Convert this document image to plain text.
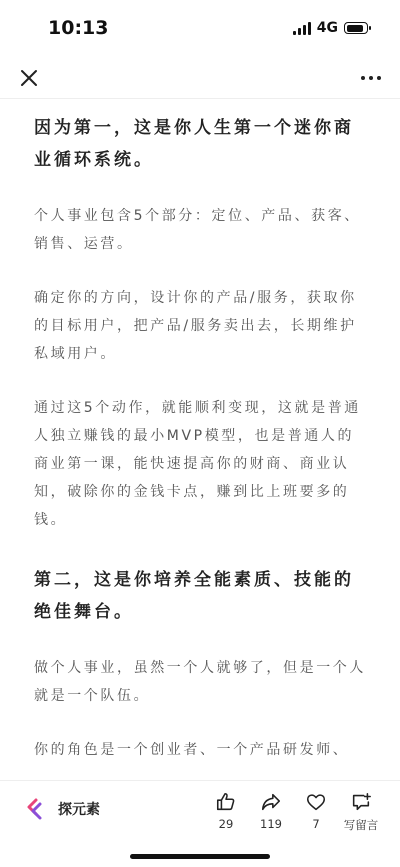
10:13	4G
因为第一，这是你人生第一个迷你商业循环系统。

个人事业包含5个部分：定位、产品、获客、销售、运营。

确定你的方向，设计你的产品/服务，获取你的目标用户，把产品/服务卖出去，长期维护私域用户。

通过这5个动作，就能顺利变现，这就是普通人独立赚钱的最小MVP模型，也是普通人的商业第一课，能快速提高你的财商、商业认知，破除你的金钱卡点，赚到比上班要多的钱。

第二，这是你培养全能素质、技能的绝佳舞台。

做个人事业，虽然一个人就够了，但是一个人就是一个队伍。

你的角色是一个创业者、一个产品研发师、

探元素
29	119	7	写留言
